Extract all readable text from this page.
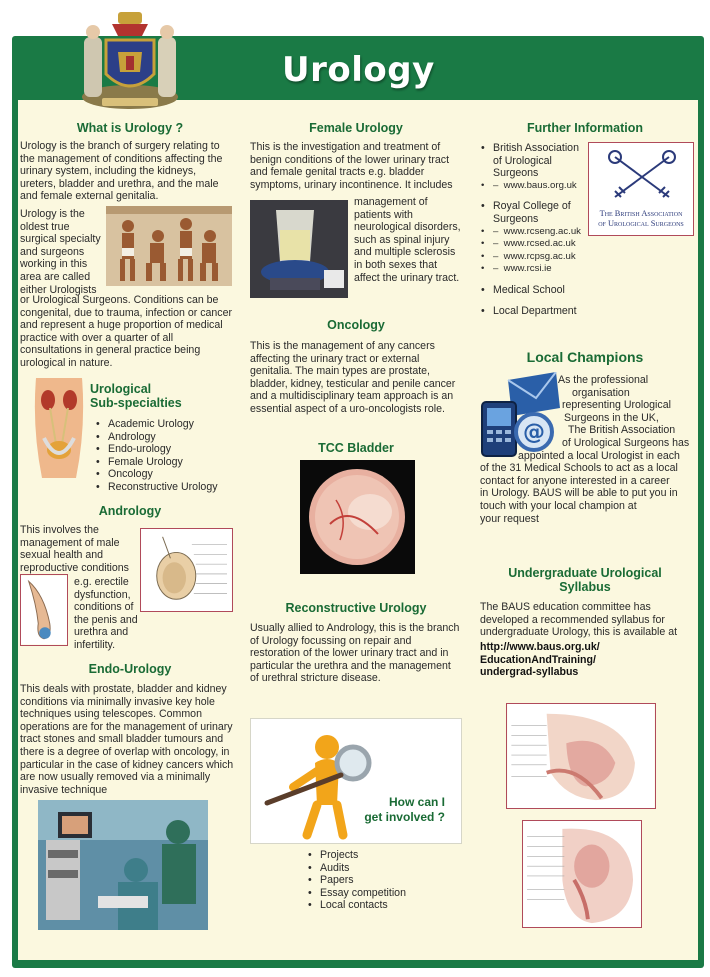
Urology
What is Urology ?
Urology is the branch of surgery relating to the management of conditions affecting the urinary system, including the kidneys, ureters, bladder and urethra, and the male and female external genitalia.
Urology is the
oldest true
surgical specialty
and surgeons
working in this
area are called
either Urologists
or Urological Surgeons. Conditions can be congenital, due to trauma, infection or cancer and represent a huge proportion of medical practice with over a quarter of all consultations in general practice being urological in nature.
Urological
Sub-specialties
• Academic Urology
• Andrology
• Endo-urology
• Female Urology
• Oncology
• Reconstructive Urology
Andrology
This involves the
management of male
sexual health and
reproductive conditions
e.g. erectile
dysfunction,
conditions of
the penis and
urethra and
infertility.
Endo-Urology
This deals with prostate, bladder and kidney conditions via minimally invasive key hole techniques using telescopes. Common operations are for the management of urinary tract stones and small bladder tumours and there is a degree of overlap with oncology, in particular in the case of kidney cancers which are now usually removed via a minimally invasive technique
Female Urology
This is the investigation and treatment of benign conditions of the lower urinary tract and female genital tracts e.g. bladder symptoms, urinary incontinence. It includes
management of
patients with
neurological disorders,
such as spinal injury
and multiple sclerosis
in both sexes that
affect the urinary tract.
Oncology
This is the management of any cancers affecting the urinary tract or external genitalia. The main types are prostate, bladder, kidney, testicular and penile cancer and a multidisciplinary team approach is an essential aspect of a uro-oncologists role.
TCC Bladder
Reconstructive Urology
Usually allied to Andrology, this is the branch of Urology focussing on repair and restoration of the lower urinary tract and in particular the urethra and the management of urethral stricture disease.
How can I
get involved ?
• Projects
• Audits
• Papers
• Essay competition
• Local contacts
Further Information
• British Association
of Urological
Surgeons
• –  www.baus.org.uk
• Royal College of
Surgeons
• –  www.rcseng.ac.uk
• –  www.rcsed.ac.uk
• –  www.rcpsg.ac.uk
• –  www.rcsi.ie
• Medical School
• Local Department
The British Association
of Urological Surgeons
Local Champions
@
As the professional
organisation
representing Urological
Surgeons in the UK,
The British Association
of Urological Surgeons has
appointed a local Urologist in each
of the 31 Medical Schools to act as a local
contact for anyone interested in a career
in Urology. BAUS will be able to put you in
touch with your local champion at
your request
Undergraduate Urological
Syllabus
The BAUS education committee has developed a recommended syllabus for undergraduate Urology, this is available at
http://www.baus.org.uk/
EducationAndTraining/
undergrad-syllabus
